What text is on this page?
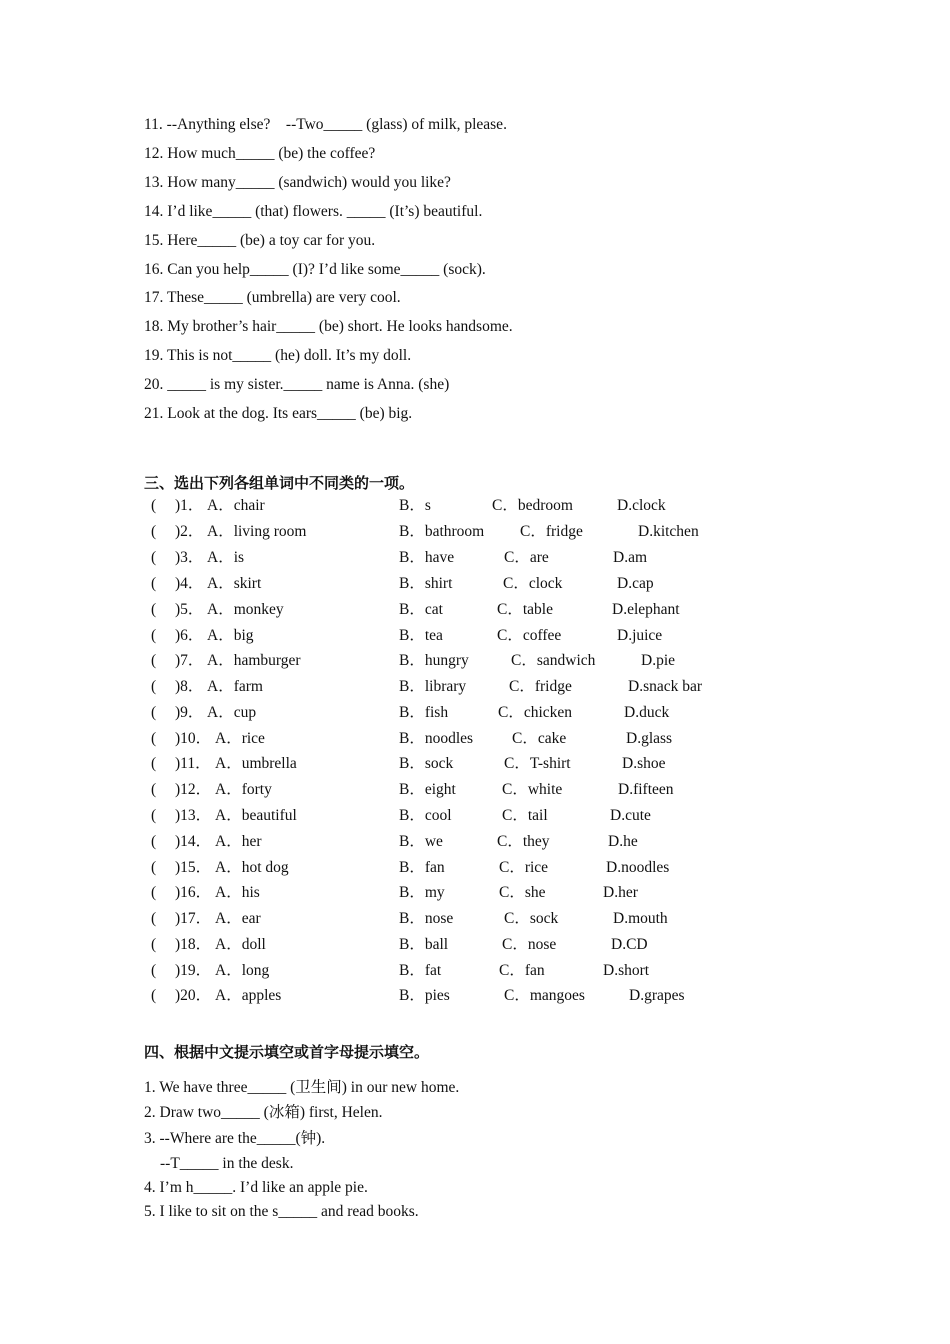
11. --Anything else?    --Two_____ (glass) of milk, please.
12. How much_____ (be) the coffee?
13. How many_____ (sandwich) would you like?
14. I’d like_____ (that) flowers. _____ (It’s) beautiful.
15. Here_____ (be) a toy car for you.
16. Can you help_____ (I)? I’d like some_____ (sock).
17. These_____ (umbrella) are very cool.
18. My brother’s hair_____ (be) short. He looks handsome.
19. This is not_____ (he) doll. It’s my doll.
20. _____ is my sister._____ name is Anna. (she)
21. Look at the dog. Its ears_____ (be) big.
三、选出下列各组单词中不同类的一项。
( )1． A．chair	B．s	C．bedroom	D.clock
( )2． A．living room	B．bathroom C．fridge	D.kitchen
( )3． A．is	B．have	C．are	D.am
( )4． A．skirt	B．shirt	C．clock	D.cap
( )5． A．monkey	B．cat	C．table	D.elephant
( )6． A．big	B．tea	C．coffee	D.juice
( )7． A．hamburger	B．hungry	C．sandwich	D.pie
( )8． A．farm	B．library	C．fridge	D.snack bar
( )9． A．cup	B．fish	C．chicken	D.duck
( )10． A．rice	B．noodles	C．cake	D.glass
( )11． A．umbrella	B．sock	C．T-shirt	D.shoe
( )12． A．forty	B．eight	C．white	D.fifteen
( )13． A．beautiful	B．cool	C．tail	D.cute
( )14． A．her	B．we	C．they	D.he
( )15． A．hot dog	B．fan	C．rice	D.noodles
( )16． A．his	B．my	C．she	D.her
( )17． A．ear	B．nose	C．sock	D.mouth
( )18． A．doll	B．ball	C．nose	D.CD
( )19． A．long	B．fat	C．fan	D.short
( )20． A．apples	B．pies	C．mangoes	D.grapes
四、根据中文提示填空或首字母提示填空。
1. We have three_____ (卫生间) in our new home.
2. Draw two_____ (冰箱) first, Helen.
3. --Where are the_____(钟).
--T_____ in the desk.
4. I’m h_____. I’d like an apple pie.
5. I like to sit on the s_____ and read books.
